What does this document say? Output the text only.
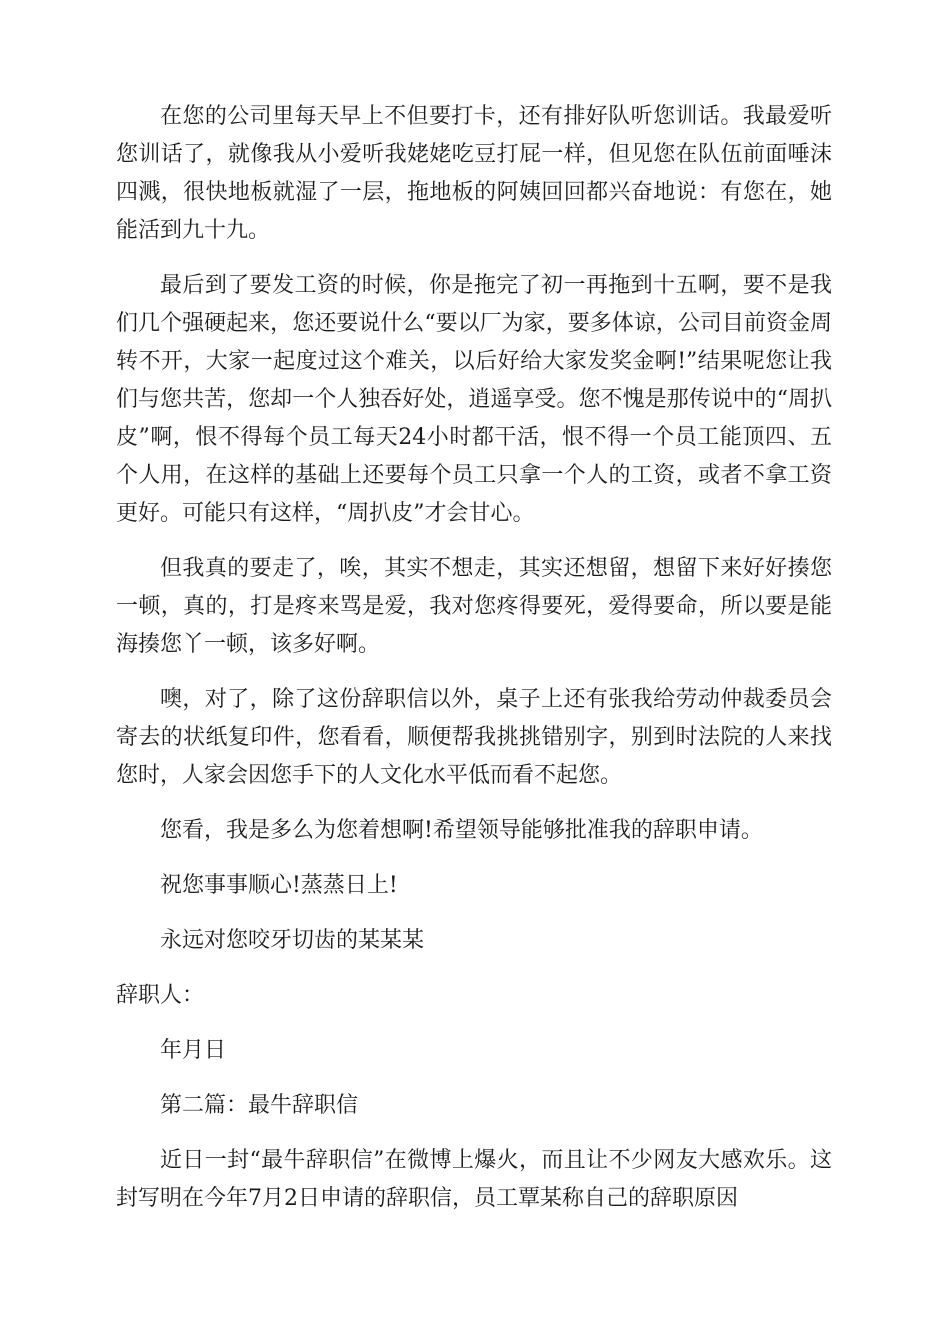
在您的公司里每天早上不但要打卡，还有排好队听您训话。我最爱听您训话了，就像我从小爱听我姥姥吃豆打屁一样，但见您在队伍前面唾沫四溅，很快地板就湿了一层，拖地板的阿姨回回都兴奋地说：有您在，她能活到九十九。

最后到了要发工资的时候，你是拖完了初一再拖到十五啊，要不是我们几个强硬起来，您还要说什么“要以厂为家，要多体谅，公司目前资金周转不开，大家一起度过这个难关，以后好给大家发奖金啊!”结果呢您让我们与您共苦，您却一个人独吞好处，逍遥享受。您不愧是那传说中的“周扒皮”啊，恨不得每个员工每天24小时都干活，恨不得一个员工能顶四、五个人用，在这样的基础上还要每个员工只拿一个人的工资，或者不拿工资更好。可能只有这样，“周扒皮”才会甘心。

但我真的要走了，唉，其实不想走，其实还想留，想留下来好好揍您一顿，真的，打是疼来骂是爱，我对您疼得要死，爱得要命，所以要是能海揍您丫一顿，该多好啊。

噢，对了，除了这份辞职信以外，桌子上还有张我给劳动仲裁委员会寄去的状纸复印件，您看看，顺便帮我挑挑错别字，别到时法院的人来找您时，人家会因您手下的人文化水平低而看不起您。

您看，我是多么为您着想啊!希望领导能够批准我的辞职申请。

祝您事事顺心!蒸蒸日上!

永远对您咬牙切齿的某某某

辞职人：

年月日

第二篇：最牛辞职信

近日一封“最牛辞职信”在微博上爆火，而且让不少网友大感欢乐。这封写明在今年7月2日申请的辞职信，员工覃某称自己的辞职原因
